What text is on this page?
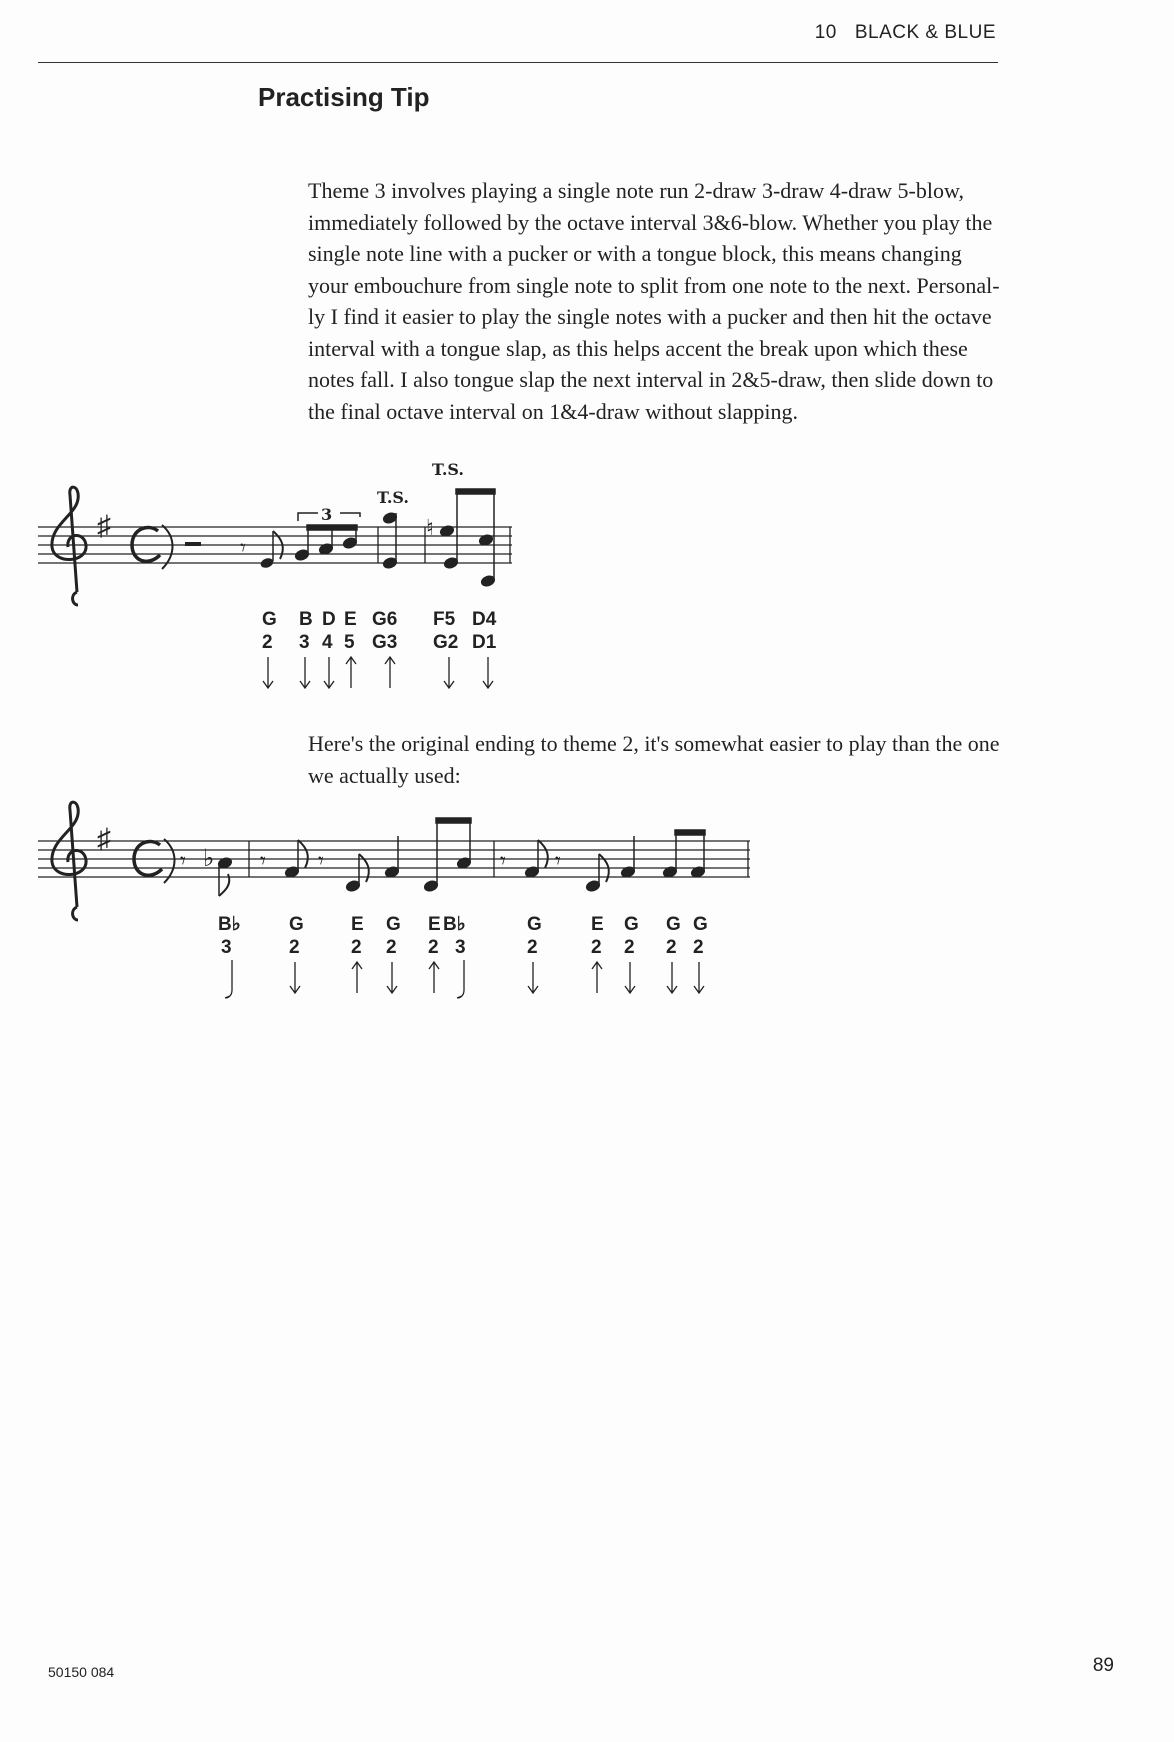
10 BLACK & BLUE
Practising Tip

Theme 3 involves playing a single note run 2-draw 3-draw 4-draw 5-blow,
immediately followed by the octave interval 3&6-blow. Whether you play the
single note line with a pucker or with a tongue block, this means changing
your embouchure from single note to split from one note to the next. Personal-
ly I find it easier to play the single notes with a pucker and then hit the octave
interval with a tongue slap, as this helps accent the break upon which these
notes fall. I also tongue slap the next interval in 2&5-draw, then slide down to
the final octave interval on 1&4-draw without slapping.

♯
𝄾
3
T.S.
T.S.
♮
G
2
B
3
D
4
E
5
G6
G3
F5
G2
D4
D1

Here's the original ending to theme 2, it's somewhat easier to play than the one
we actually used:

♯
𝄾 ♭ 𝄾 𝄾	𝄾 𝄾
B♭
3
G
2
E
2
G
2
E
2
B♭
3
G
2
E
2
G
2
G
2
G
2
50150 084	89
